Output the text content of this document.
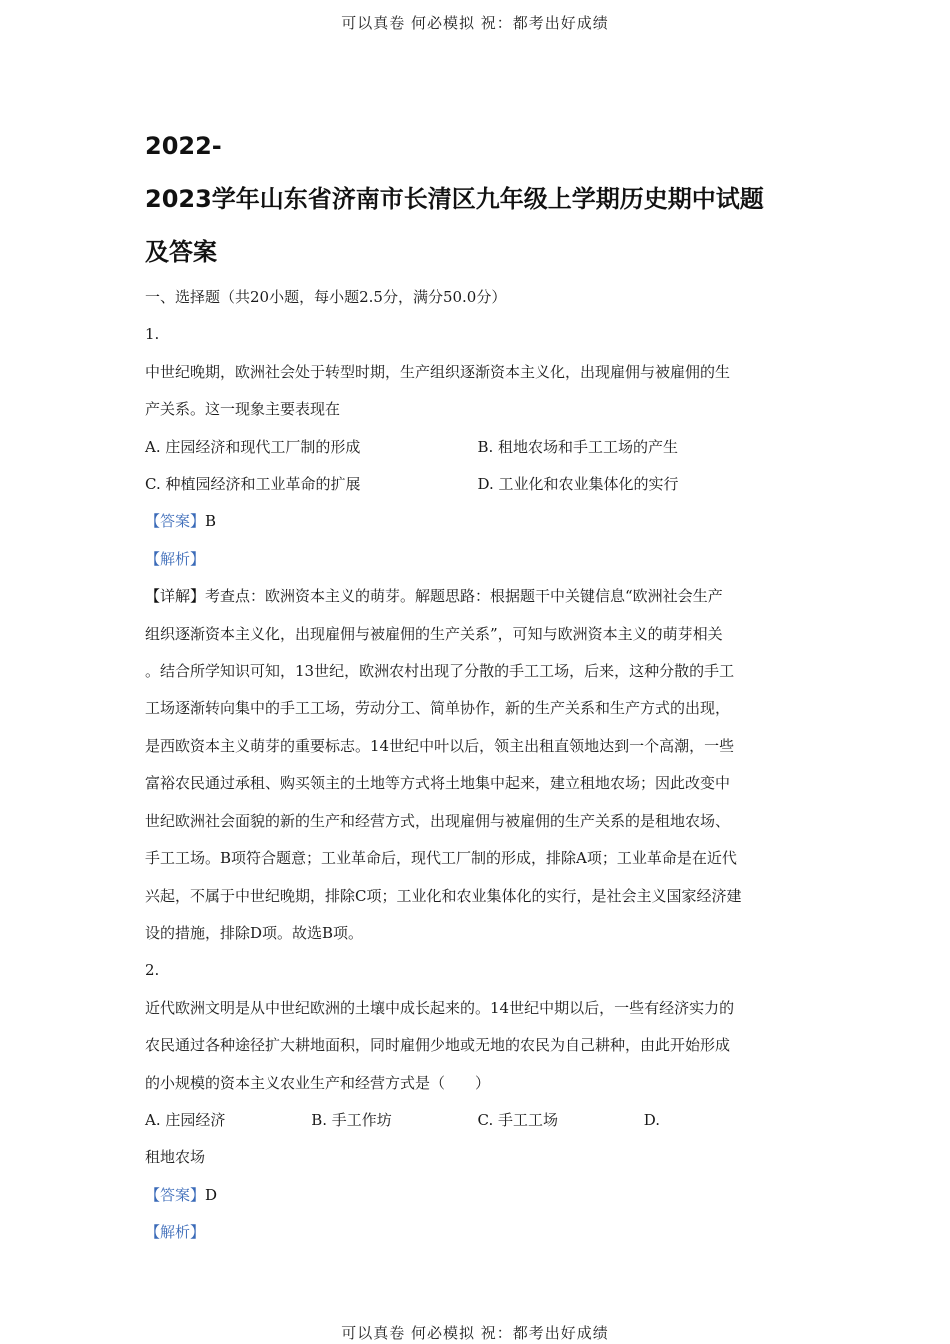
可以真卷 何必模拟 祝：都考出好成绩
2022-
2023学年山东省济南市长清区九年级上学期历史期中试题
及答案
一、选择题（共20小题，每小题2.5分，满分50.0分）
1.
中世纪晚期，欧洲社会处于转型时期，生产组织逐渐资本主义化，出现雇佣与被雇佣的生
产关系。这一现象主要表现在
A. 庄园经济和现代工厂制的形成	B. 租地农场和手工工场的产生
C. 种植园经济和工业革命的扩展	D. 工业化和农业集体化的实行
【答案】B
【解析】
【详解】考查点：欧洲资本主义的萌芽。解题思路：根据题干中关键信息“欧洲社会生产
组织逐渐资本主义化，出现雇佣与被雇佣的生产关系”，可知与欧洲资本主义的萌芽相关
。结合所学知识可知，13世纪，欧洲农村出现了分散的手工工场，后来，这种分散的手工
工场逐渐转向集中的手工工场，劳动分工、简单协作，新的生产关系和生产方式的出现，
是西欧资本主义萌芽的重要标志。14世纪中叶以后，领主出租直领地达到一个高潮，一些
富裕农民通过承租、购买领主的土地等方式将土地集中起来，建立租地农场；因此改变中
世纪欧洲社会面貌的新的生产和经营方式，出现雇佣与被雇佣的生产关系的是租地农场、
手工工场。B项符合题意；工业革命后，现代工厂制的形成，排除A项；工业革命是在近代
兴起，不属于中世纪晚期，排除C项；工业化和农业集体化的实行，是社会主义国家经济建
设的措施，排除D项。故选B项。
2.
近代欧洲文明是从中世纪欧洲的土壤中成长起来的。14世纪中期以后，一些有经济实力的
农民通过各种途径扩大耕地面积，同时雇佣少地或无地的农民为自己耕种，由此开始形成
的小规模的资本主义农业生产和经营方式是（　　）
A. 庄园经济	B. 手工作坊	C. 手工工场	D.
租地农场
【答案】D
【解析】
可以真卷 何必模拟 祝：都考出好成绩
